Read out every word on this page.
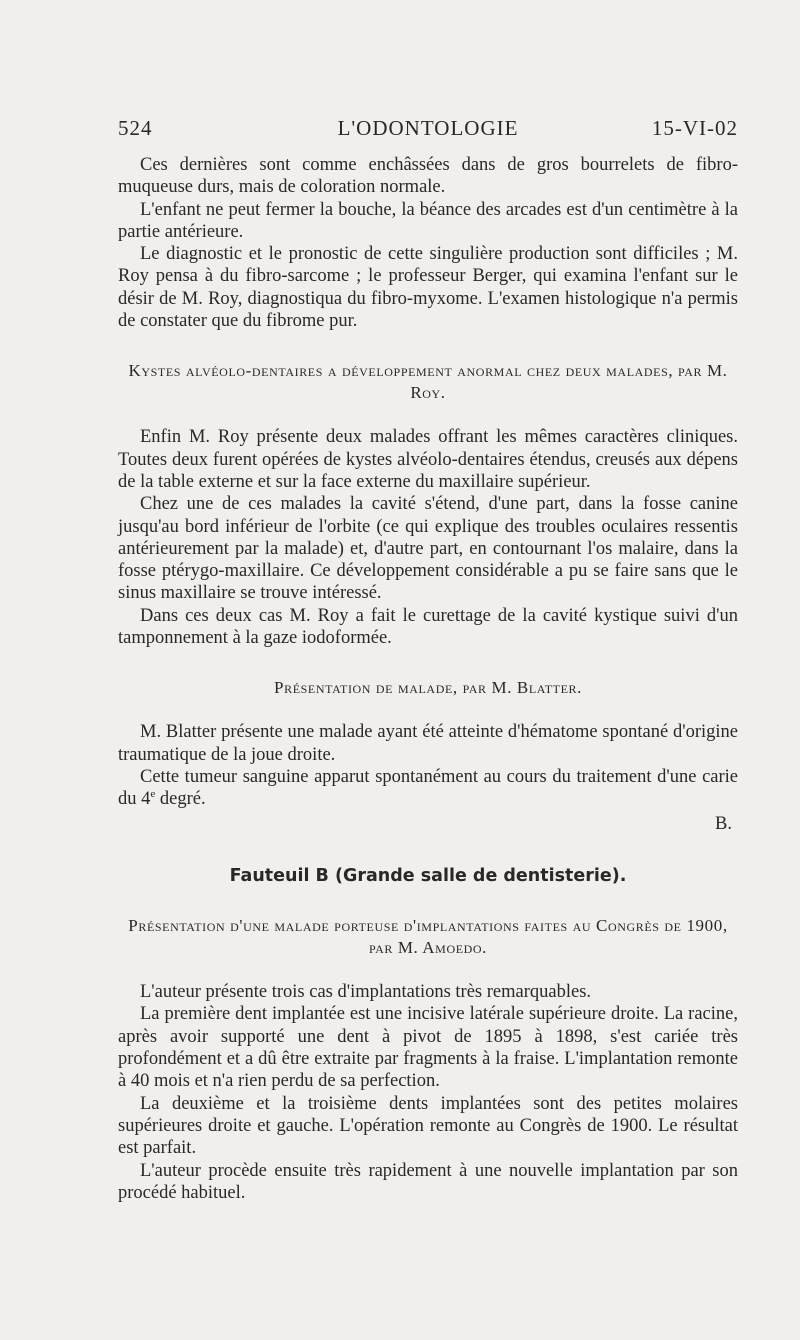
524	L'ODONTOLOGIE	15-VI-02

Ces dernières sont comme enchâssées dans de gros bourrelets de fibro-muqueuse durs, mais de coloration normale.

L'enfant ne peut fermer la bouche, la béance des arcades est d'un centimètre à la partie antérieure.

Le diagnostic et le pronostic de cette singulière production sont difficiles ; M. Roy pensa à du fibro-sarcome ; le professeur Berger, qui examina l'enfant sur le désir de M. Roy, diagnostiqua du fibro-myxome. L'examen histologique n'a permis de constater que du fibrome pur.

Kystes alvéolo-dentaires a développement anormal chez deux malades, par M. Roy.

Enfin M. Roy présente deux malades offrant les mêmes caractères cliniques. Toutes deux furent opérées de kystes alvéolo-dentaires étendus, creusés aux dépens de la table externe et sur la face externe du maxillaire supérieur.

Chez une de ces malades la cavité s'étend, d'une part, dans la fosse canine jusqu'au bord inférieur de l'orbite (ce qui explique des troubles oculaires ressentis antérieurement par la malade) et, d'autre part, en contournant l'os malaire, dans la fosse ptérygo-maxillaire. Ce développement considérable a pu se faire sans que le sinus maxillaire se trouve intéressé.

Dans ces deux cas M. Roy a fait le curettage de la cavité kystique suivi d'un tamponnement à la gaze iodoformée.

Présentation de malade, par M. Blatter.

M. Blatter présente une malade ayant été atteinte d'hématome spontané d'origine traumatique de la joue droite.

Cette tumeur sanguine apparut spontanément au cours du traitement d'une carie du 4e degré.

B.
Fauteuil B (Grande salle de dentisterie).
Présentation d'une malade porteuse d'implantations faites au Congrès de 1900, par M. Amoedo.

L'auteur présente trois cas d'implantations très remarquables.

La première dent implantée est une incisive latérale supérieure droite. La racine, après avoir supporté une dent à pivot de 1895 à 1898, s'est cariée très profondément et a dû être extraite par fragments à la fraise. L'implantation remonte à 40 mois et n'a rien perdu de sa perfection.

La deuxième et la troisième dents implantées sont des petites molaires supérieures droite et gauche. L'opération remonte au Congrès de 1900. Le résultat est parfait.

L'auteur procède ensuite très rapidement à une nouvelle implantation par son procédé habituel.
